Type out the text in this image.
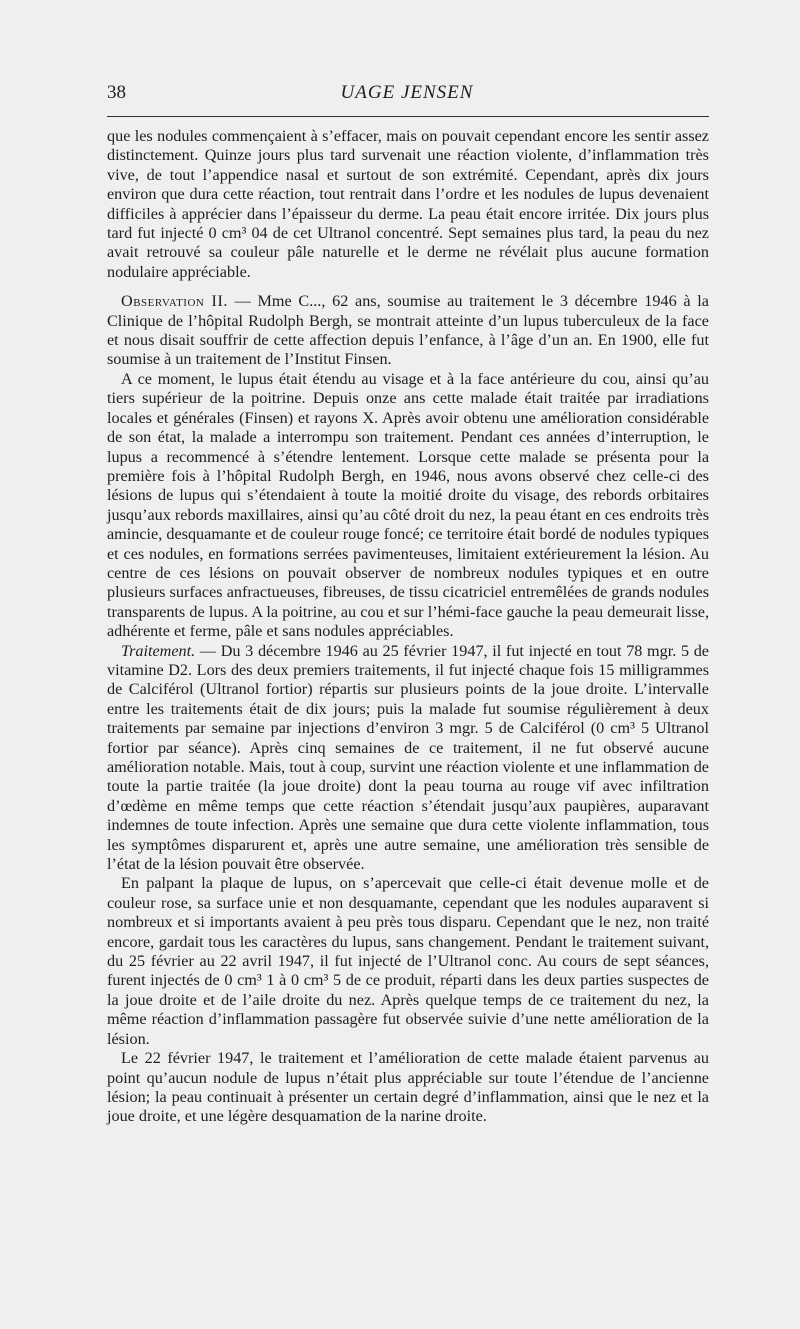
38	UAGE JENSEN

que les nodules commençaient à s’effacer, mais on pouvait cependant encore les sentir assez distinctement. Quinze jours plus tard survenait une réaction violente, d’inflammation très vive, de tout l’appendice nasal et surtout de son extrémité. Cependant, après dix jours environ que dura cette réaction, tout rentrait dans l’ordre et les nodules de lupus devenaient difficiles à apprécier dans l’épaisseur du derme. La peau était encore irritée. Dix jours plus tard fut injecté 0 cm³ 04 de cet Ultranol concentré. Sept semaines plus tard, la peau du nez avait retrouvé sa couleur pâle naturelle et le derme ne révélait plus aucune formation nodulaire appréciable.

Observation II. — Mme C..., 62 ans, soumise au traitement le 3 décembre 1946 à la Clinique de l’hôpital Rudolph Bergh, se montrait atteinte d’un lupus tuberculeux de la face et nous disait souffrir de cette affection depuis l’enfance, à l’âge d’un an. En 1900, elle fut soumise à un traitement de l’Institut Finsen.

A ce moment, le lupus était étendu au visage et à la face antérieure du cou, ainsi qu’au tiers supérieur de la poitrine. Depuis onze ans cette malade était traitée par irradiations locales et générales (Finsen) et rayons X. Après avoir obtenu une amélioration considérable de son état, la malade a interrompu son traitement. Pendant ces années d’interruption, le lupus a recommencé à s’étendre lentement. Lorsque cette malade se présenta pour la première fois à l’hôpital Rudolph Bergh, en 1946, nous avons observé chez celle-ci des lésions de lupus qui s’étendaient à toute la moitié droite du visage, des rebords orbitaires jusqu’aux rebords maxillaires, ainsi qu’au côté droit du nez, la peau étant en ces endroits très amincie, desquamante et de couleur rouge foncé; ce territoire était bordé de nodules typiques et ces nodules, en formations serrées pavimenteuses, limitaient extérieurement la lésion. Au centre de ces lésions on pouvait observer de nombreux nodules typiques et en outre plusieurs surfaces anfractueuses, fibreuses, de tissu cicatriciel entremêlées de grands nodules transparents de lupus. A la poitrine, au cou et sur l’hémi-face gauche la peau demeurait lisse, adhérente et ferme, pâle et sans nodules appréciables.

Traitement. — Du 3 décembre 1946 au 25 février 1947, il fut injecté en tout 78 mgr. 5 de vitamine D2. Lors des deux premiers traitements, il fut injecté chaque fois 15 milligrammes de Calciférol (Ultranol fortior) répartis sur plusieurs points de la joue droite. L’intervalle entre les traitements était de dix jours; puis la malade fut soumise régulièrement à deux traitements par semaine par injections d’environ 3 mgr. 5 de Calciférol (0 cm³ 5 Ultranol fortior par séance). Après cinq semaines de ce traitement, il ne fut observé aucune amélioration notable. Mais, tout à coup, survint une réaction violente et une inflammation de toute la partie traitée (la joue droite) dont la peau tourna au rouge vif avec infiltration d’œdème en même temps que cette réaction s’étendait jusqu’aux paupières, auparavant indemnes de toute infection. Après une semaine que dura cette violente inflammation, tous les symptômes disparurent et, après une autre semaine, une amélioration très sensible de l’état de la lésion pouvait être observée.

En palpant la plaque de lupus, on s’apercevait que celle-ci était devenue molle et de couleur rose, sa surface unie et non desquamante, cependant que les nodules auparavent si nombreux et si importants avaient à peu près tous disparu. Cependant que le nez, non traité encore, gardait tous les caractères du lupus, sans changement. Pendant le traitement suivant, du 25 février au 22 avril 1947, il fut injecté de l’Ultranol conc. Au cours de sept séances, furent injectés de 0 cm³ 1 à 0 cm³ 5 de ce produit, réparti dans les deux parties suspectes de la joue droite et de l’aile droite du nez. Après quelque temps de ce traitement du nez, la même réaction d’inflammation passagère fut observée suivie d’une nette amélioration de la lésion.

Le 22 février 1947, le traitement et l’amélioration de cette malade étaient parvenus au point qu’aucun nodule de lupus n’était plus appréciable sur toute l’étendue de l’ancienne lésion; la peau continuait à présenter un certain degré d’inflammation, ainsi que le nez et la joue droite, et une légère desquamation de la narine droite.
